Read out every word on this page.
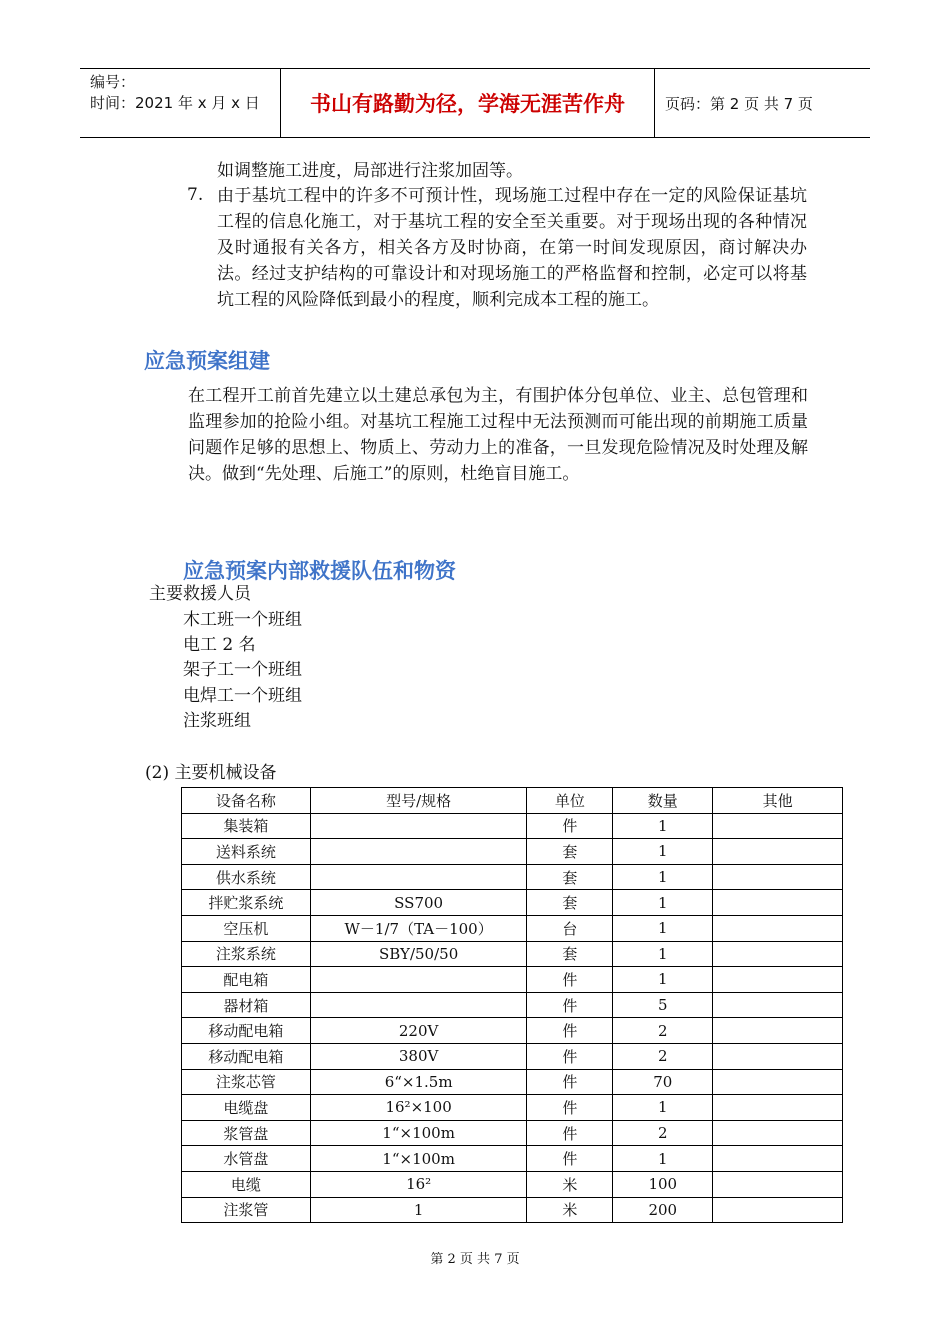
编号：
时间：2021 年 x 月 x 日	书山有路勤为径，学海无涯苦作舟	页码：第 2 页 共 7 页

如调整施工进度，局部进行注浆加固等。

7. 由于基坑工程中的许多不可预计性，现场施工过程中存在一定的风险保证基坑工程的信息化施工，对于基坑工程的安全至关重要。对于现场出现的各种情况及时通报有关各方，相关各方及时协商，在第一时间发现原因，商讨解决办法。经过支护结构的可靠设计和对现场施工的严格监督和控制，必定可以将基坑工程的风险降低到最小的程度，顺利完成本工程的施工。

应急预案组建

在工程开工前首先建立以土建总承包为主，有围护体分包单位、业主、总包管理和监理参加的抢险小组。对基坑工程施工过程中无法预测而可能出现的前期施工质量问题作足够的思想上、物质上、劳动力上的准备，一旦发现危险情况及时处理及解决。做到“先处理、后施工”的原则，杜绝盲目施工。

应急预案内部救援队伍和物资

主要救援人员

木工班一个班组

电工 2 名

架子工一个班组

电焊工一个班组

注浆班组

(2) 主要机械设备

设备名称	型号/规格	单位	数量	其他
集装箱		件	1	
送料系统		套	1	
供水系统		套	1	
拌贮浆系统	SS700	套	1	
空压机	W－1/7（TA－100）	台	1	
注浆系统	SBY/50/50	套	1	
配电箱		件	1	
器材箱		件	5	
移动配电箱	220V	件	2	
移动配电箱	380V	件	2	
注浆芯管	6“×1.5m	件	70	
电缆盘	16²×100	件	1	
浆管盘	1“×100m	件	2	
水管盘	1“×100m	件	1	
电缆	16²	米	100	
注浆管	1	米	200	
第 2 页 共 7 页
